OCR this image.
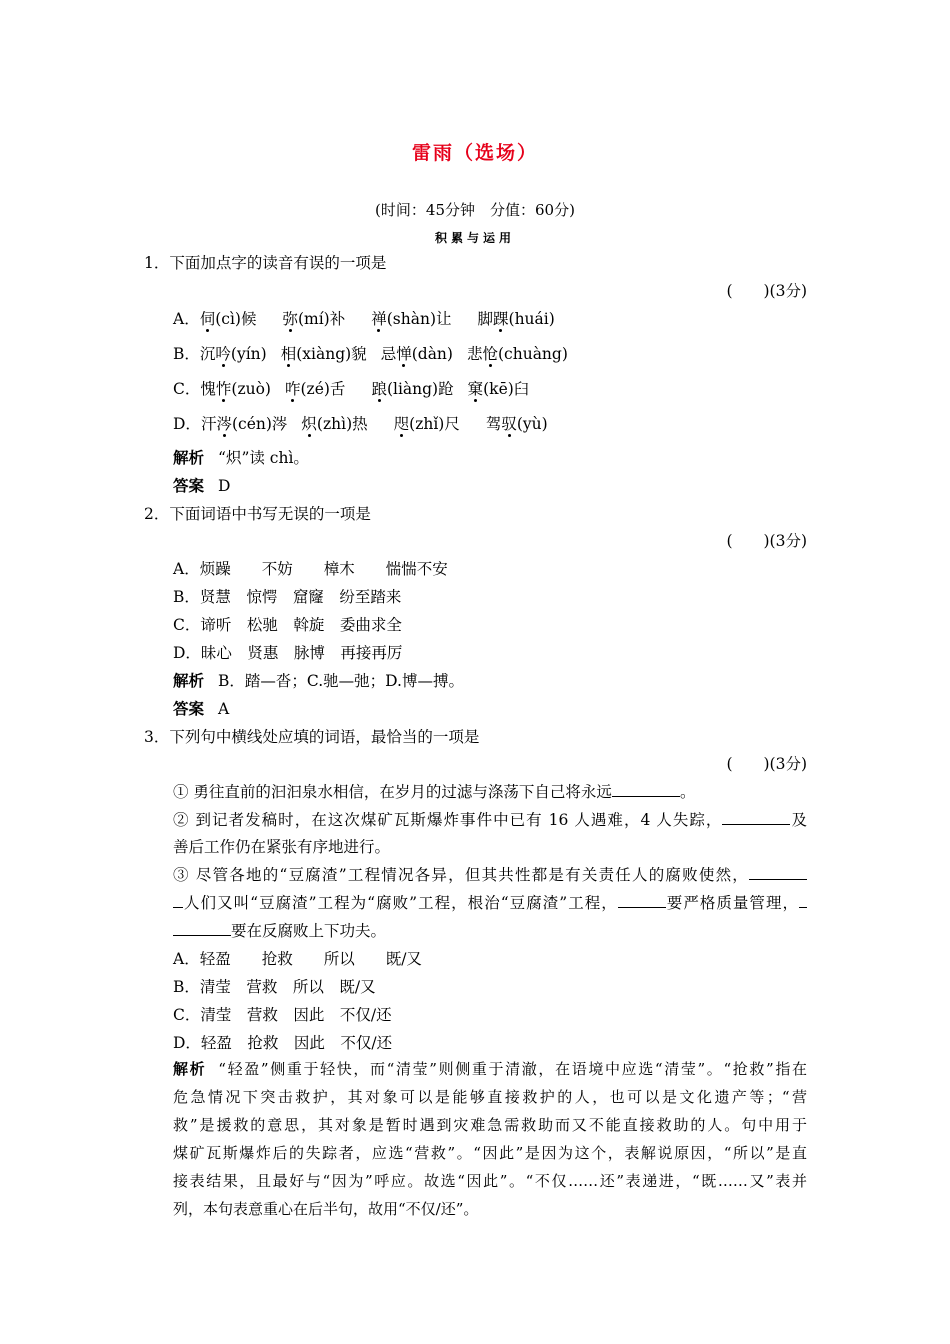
雷雨（选场）
(时间：45分钟　分值：60分)
积累与运用
1．下面加点字的读音有误的一项是
(　　)(3分)
A．伺(cì)候 弥(mí)补 禅(shàn)让 脚踝(huái)
B．沉吟(yín) 相(xiàng)貌 忌惮(dàn) 悲怆(chuàng)
C．愧怍(zuò) 咋(zé)舌 踉(liàng)跄 窠(kē)臼
D．汗涔(cén)涔 炽(zhì)热 咫(zhǐ)尺 驾驭(yù)
解析 “炽”读 chì。
答案 D
2．下面词语中书写无误的一项是
(　　)(3分)
A．烦躁　　不妨　　樟木　　惴惴不安
B．贤慧　惊愕　窟窿　纷至踏来
C．谛听　松驰　斡旋　委曲求全
D．昧心　贤惠　脉博　再接再厉
解析 B．踏—沓；C.驰—弛；D.博—搏。
答案 A
3．下列句中横线处应填的词语，最恰当的一项是
(　　)(3分)
① 勇往直前的汩汩泉水相信，在岁月的过滤与涤荡下自己将永远	。
② 到记者发稿时，在这次煤矿瓦斯爆炸事件中已有 16 人遇难，4 人失踪，	及
善后工作仍在紧张有序地进行。
③ 尽管各地的“豆腐渣”工程情况各异，但其共性都是有关责任人的腐败使然，
人们又叫“豆腐渣”工程为“腐败”工程，根治“豆腐渣”工程，	要严格质量管理，
要在反腐败上下功夫。
A．轻盈　　抢救　　所以　　既/又
B．清莹　营救　所以　既/又
C．清莹　营救　因此　不仅/还
D．轻盈　抢救　因此　不仅/还
解析 “轻盈”侧重于轻快，而“清莹”则侧重于清澈，在语境中应选“清莹”。“抢救”指在
危急情况下突击救护，其对象可以是能够直接救护的人，也可以是文化遗产等；“营
救”是援救的意思，其对象是暂时遇到灾难急需救助而又不能直接救助的人。句中用于
煤矿瓦斯爆炸后的失踪者，应选“营救”。“因此”是因为这个，表解说原因，“所以”是直
接表结果，且最好与“因为”呼应。故选“因此”。“不仅……还”表递进，“既……又”表并
列，本句表意重心在后半句，故用“不仅/还”。
